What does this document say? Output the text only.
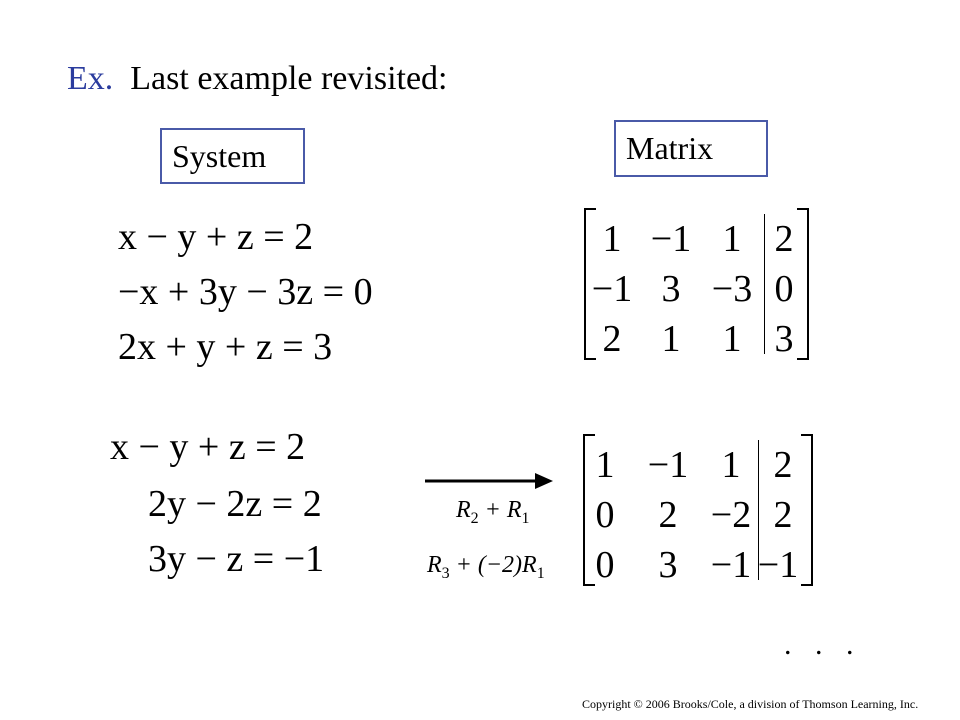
Ex. Last example revisited:
System	Matrix
x − y + z = 2
−x + 3y − 3z = 0
2x + y + z = 3
1 −1 1 2
−1 3 −3 0
2	1	1 3
x − y + z = 2
2y − 2z = 2
3y − z = −1
$R_2 + R_1$
$R_3 + (-2)R_1$
1 −1 1 2
0	2 −2 2
0	3 −1 −1
. . .
Copyright © 2006 Brooks/Cole, a division of Thomson Learning, Inc.
